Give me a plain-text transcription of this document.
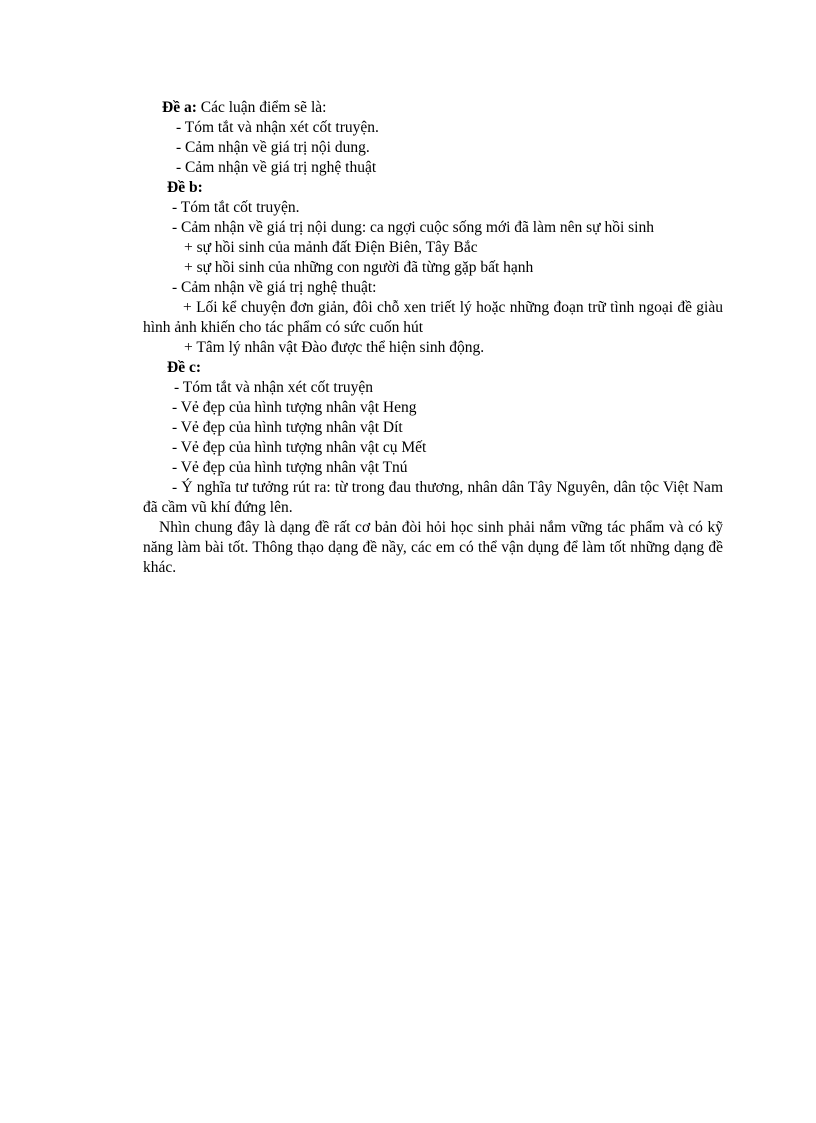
Đề a: Các luận điểm sẽ là:
- Tóm tắt và nhận xét cốt truyện.
- Cảm nhận về giá trị nội dung.
- Cảm nhận về giá trị nghệ thuật
Đề b:
- Tóm tắt cốt truyện.
- Cảm nhận về giá trị nội dung: ca ngợi cuộc sống mới đã làm nên sự hồi sinh
+ sự hồi sinh của mảnh đất Điện Biên, Tây Bắc
+ sự hồi sinh của những con người đã từng gặp bất hạnh
- Cảm nhận về giá trị nghệ thuật:
+ Lối kể chuyện đơn giản, đôi chỗ xen triết lý hoặc những đoạn trữ tình ngoại đề giàu hình ảnh khiến cho tác phẩm có sức cuốn hút
+ Tâm lý nhân vật Đào được thể hiện sinh động.
Đề c:
- Tóm tắt và nhận xét cốt truyện
- Vẻ đẹp của hình tượng nhân vật Heng
- Vẻ đẹp của hình tượng nhân vật Dít
- Vẻ đẹp của hình tượng nhân vật cụ Mết
- Vẻ đẹp của hình tượng nhân vật Tnú
- Ý nghĩa tư tưởng rút ra: từ trong đau thương, nhân dân Tây Nguyên, dân tộc Việt Nam đã cầm vũ khí đứng lên.
Nhìn chung đây là dạng đề rất cơ bản đòi hỏi học sinh phải nắm vững tác phẩm và có kỹ năng làm bài tốt. Thông thạo dạng đề nầy, các em có thể vận dụng để làm tốt những dạng đề khác.
